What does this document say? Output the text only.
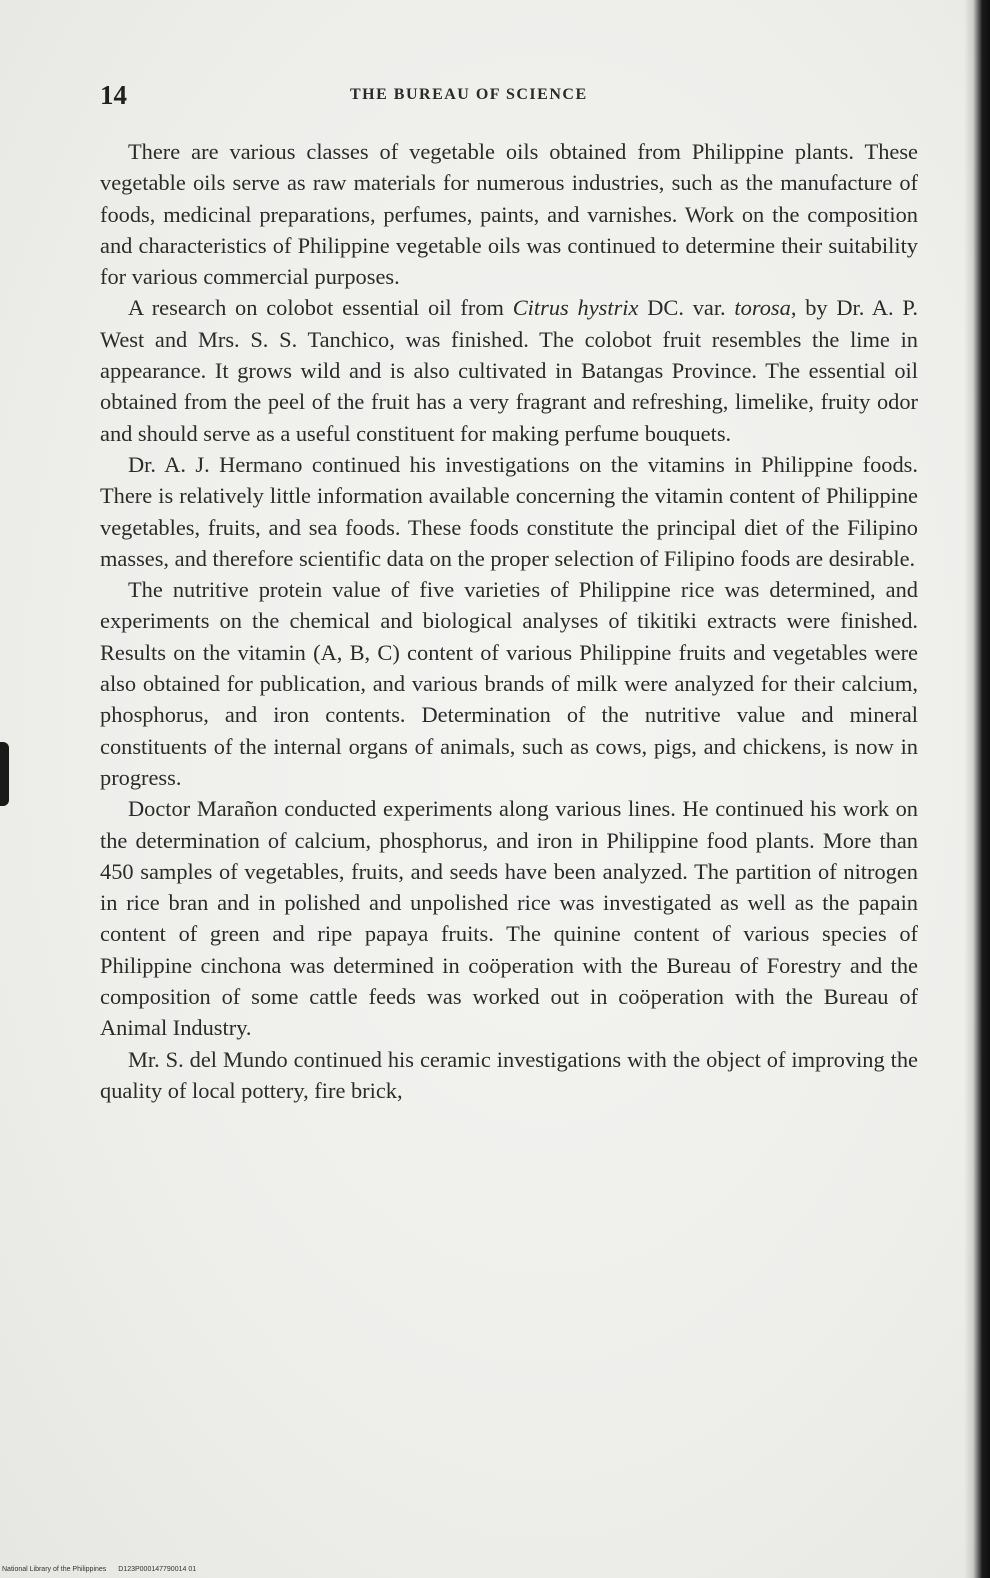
14	THE BUREAU OF SCIENCE

There are various classes of vegetable oils obtained from Philippine plants. These vegetable oils serve as raw materials for numerous industries, such as the manufacture of foods, medicinal preparations, perfumes, paints, and varnishes. Work on the composition and characteristics of Philippine vegetable oils was continued to determine their suitability for various commercial purposes.

A research on colobot essential oil from Citrus hystrix DC. var. torosa, by Dr. A. P. West and Mrs. S. S. Tanchico, was finished. The colobot fruit resembles the lime in appearance. It grows wild and is also cultivated in Batangas Province. The essential oil obtained from the peel of the fruit has a very fragrant and refreshing, limelike, fruity odor and should serve as a useful constituent for making perfume bouquets.

Dr. A. J. Hermano continued his investigations on the vitamins in Philippine foods. There is relatively little information available concerning the vitamin content of Philippine vegetables, fruits, and sea foods. These foods constitute the principal diet of the Filipino masses, and therefore scientific data on the proper selection of Filipino foods are desirable.

The nutritive protein value of five varieties of Philippine rice was determined, and experiments on the chemical and biological analyses of tikitiki extracts were finished. Results on the vitamin (A, B, C) content of various Philippine fruits and vegetables were also obtained for publication, and various brands of milk were analyzed for their calcium, phosphorus, and iron contents. Determination of the nutritive value and mineral constituents of the internal organs of animals, such as cows, pigs, and chickens, is now in progress.

Doctor Marañon conducted experiments along various lines. He continued his work on the determination of calcium, phosphorus, and iron in Philippine food plants. More than 450 samples of vegetables, fruits, and seeds have been analyzed. The partition of nitrogen in rice bran and in polished and unpolished rice was investigated as well as the papain content of green and ripe papaya fruits. The quinine content of various species of Philippine cinchona was determined in coöperation with the Bureau of Forestry and the composition of some cattle feeds was worked out in coöperation with the Bureau of Animal Industry.

Mr. S. del Mundo continued his ceramic investigations with the object of improving the quality of local pottery, fire brick,

National Library of the Philippines D123P000147790014 01
